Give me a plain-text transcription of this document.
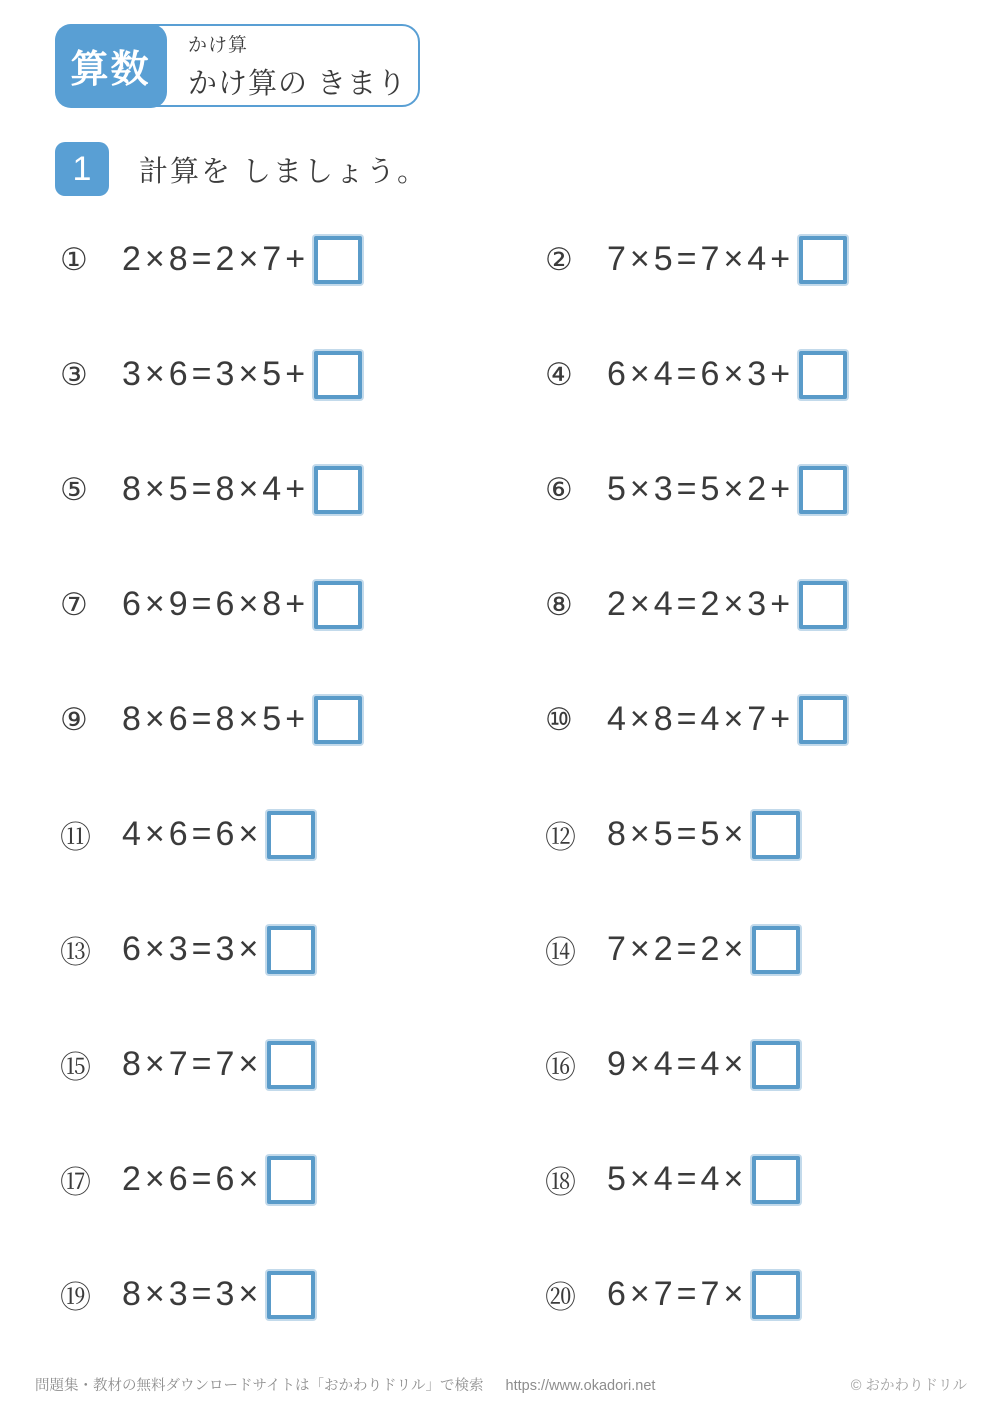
算数
かけ算
かけ算の きまり
1	計算を しましょう。
① 2×8=2×7+	② 7×5=7×4+
③ 3×6=3×5+	④ 6×4=6×3+
⑤ 8×5=8×4+	⑥ 5×3=5×2+
⑦ 6×9=6×8+	⑧ 2×4=2×3+
⑨ 8×6=8×5+	⑩ 4×8=4×7+
⑪ 4×6=6×	⑫ 8×5=5×
⑬ 6×3=3×	⑭ 7×2=2×
⑮ 8×7=7×	⑯ 9×4=4×
⑰ 2×6=6×	⑱ 5×4=4×
⑲ 8×3=3×	⑳ 6×7=7×
問題集・教材の無料ダウンロードサイトは「おかわりドリル」で検索 https://www.okadori.net	© おかわりドリル
